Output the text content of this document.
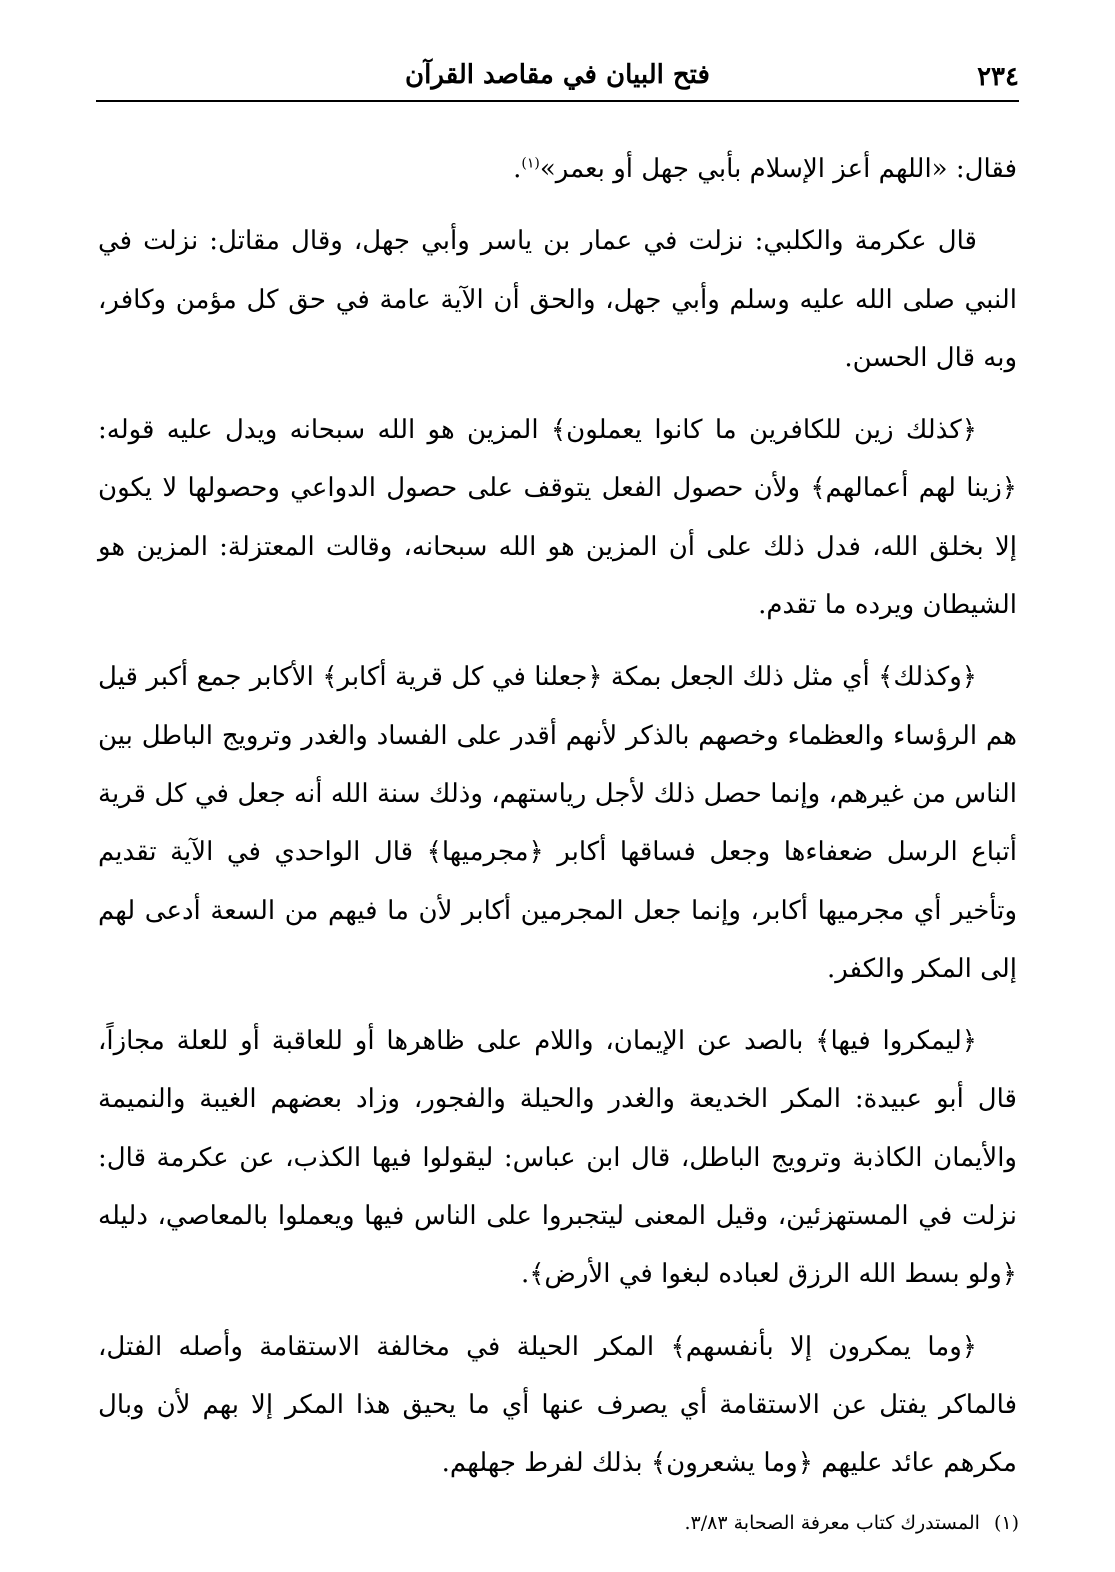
٢٣٤
فتح البيان في مقاصد القرآن

فقال: «اللهم أعز الإسلام بأبي جهل أو بعمر»$^{(١)}$.

قال عكرمة والكلبي: نزلت في عمار بن ياسر وأبي جهل، وقال مقاتل: نزلت في النبي صلى الله عليه وسلم وأبي جهل، والحق أن الآية عامة في حق كل مؤمن وكافر، وبه قال الحسن.

﴿كذلك زين للكافرين ما كانوا يعملون﴾ المزين هو الله سبحانه ويدل عليه قوله: ﴿زينا لهم أعمالهم﴾ ولأن حصول الفعل يتوقف على حصول الدواعي وحصولها لا يكون إلا بخلق الله، فدل ذلك على أن المزين هو الله سبحانه، وقالت المعتزلة: المزين هو الشيطان ويرده ما تقدم.

﴿وكذلك﴾ أي مثل ذلك الجعل بمكة ﴿جعلنا في كل قرية أكابر﴾ الأكابر جمع أكبر قيل هم الرؤساء والعظماء وخصهم بالذكر لأنهم أقدر على الفساد والغدر وترويج الباطل بين الناس من غيرهم، وإنما حصل ذلك لأجل رياستهم، وذلك سنة الله أنه جعل في كل قرية أتباع الرسل ضعفاءها وجعل فساقها أكابر ﴿مجرميها﴾ قال الواحدي في الآية تقديم وتأخير أي مجرميها أكابر، وإنما جعل المجرمين أكابر لأن ما فيهم من السعة أدعى لهم إلى المكر والكفر.

﴿ليمكروا فيها﴾ بالصد عن الإيمان، واللام على ظاهرها أو للعاقبة أو للعلة مجازاً، قال أبو عبيدة: المكر الخديعة والغدر والحيلة والفجور، وزاد بعضهم الغيبة والنميمة والأيمان الكاذبة وترويج الباطل، قال ابن عباس: ليقولوا فيها الكذب، عن عكرمة قال: نزلت في المستهزئين، وقيل المعنى ليتجبروا على الناس فيها ويعملوا بالمعاصي، دليله ﴿ولو بسط الله الرزق لعباده لبغوا في الأرض﴾.

﴿وما يمكرون إلا بأنفسهم﴾ المكر الحيلة في مخالفة الاستقامة وأصله الفتل، فالماكر يفتل عن الاستقامة أي يصرف عنها أي ما يحيق هذا المكر إلا بهم لأن وبال مكرهم عائد عليهم ﴿وما يشعرون﴾ بذلك لفرط جهلهم.

(١) المستدرك كتاب معرفة الصحابة ٣/٨٣.
